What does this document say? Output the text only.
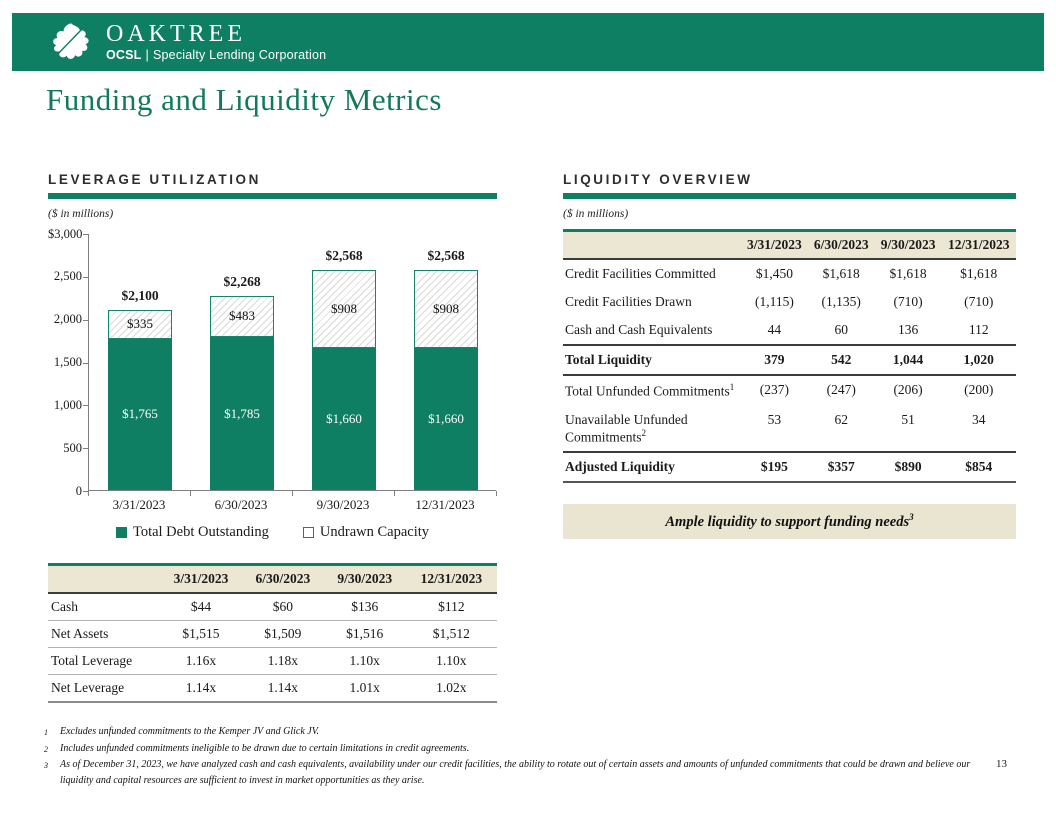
OAKTREE
OCSL | Specialty Lending Corporation
Funding and Liquidity Metrics
LEVERAGE UTILIZATION
($ in millions)
$1,765
$335
$2,100
$1,785
$483
$2,268
$1,660
$908
$2,568
$1,660
$908
$2,568
Total Debt Outstanding	Undrawn Capacity
$3,000
2,500
2,000
1,500
1,000
500
0
3/31/2023	6/30/2023	9/30/2023	12/31/2023
	3/31/2023	6/30/2023	9/30/2023	12/31/2023
Cash	$44	$60	$136	$112
Net Assets	$1,515	$1,509	$1,516	$1,512
Total Leverage	1.16x	1.18x	1.10x	1.10x
Net Leverage	1.14x	1.14x	1.01x	1.02x
LIQUIDITY OVERVIEW
($ in millions)
	3/31/2023	6/30/2023	9/30/2023	12/31/2023
Credit Facilities Committed	$1,450	$1,618	$1,618	$1,618
Credit Facilities Drawn	(1,115)	(1,135)	(710)	(710)
Cash and Cash Equivalents	44	60	136	112
Total Liquidity	379	542	1,044	1,020
Total Unfunded Commitments$^1$	(237)	(247)	(206)	(200)
Unavailable Unfunded Commitments$^2$	53	62	51	34
Adjusted Liquidity	$195	$357	$890	$854
Ample liquidity to support funding needs$^3$
1	Excludes unfunded commitments to the Kemper JV and Glick JV.
2	Includes unfunded commitments ineligible to be drawn due to certain limitations in credit agreements.
3	As of December 31, 2023, we have analyzed cash and cash equivalents, availability under our credit facilities, the ability to rotate out of certain assets and amounts of unfunded commitments that could be drawn and believe our liquidity and capital resources are sufficient to invest in market opportunities as they arise.
13
